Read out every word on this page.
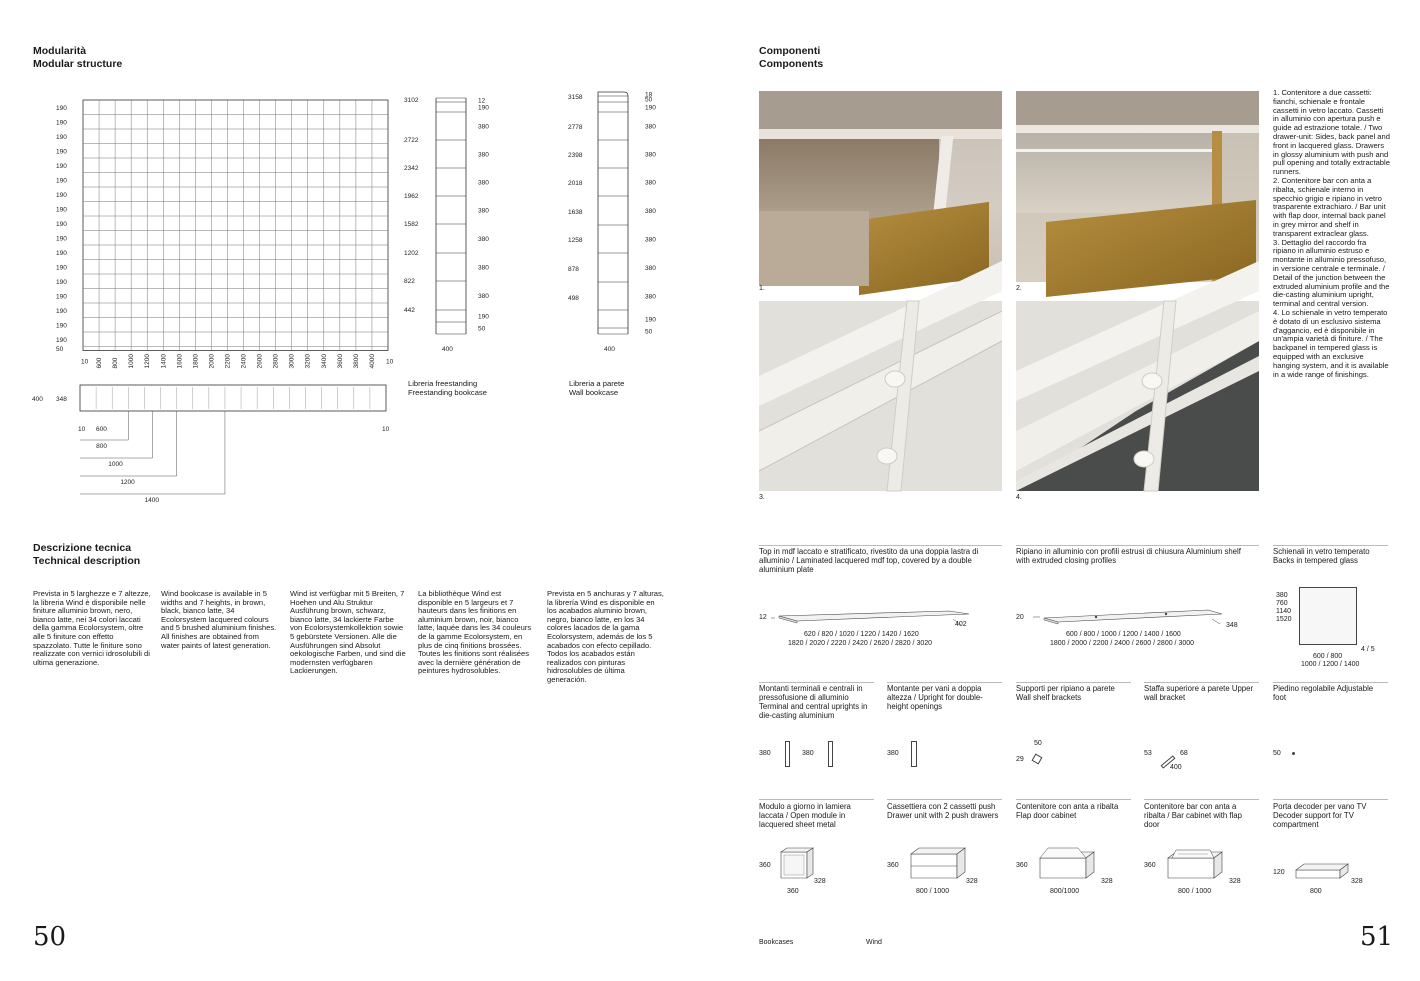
Modularità
Modular structure
190
190
190
190
190
190
190
190
190
190
190
190
190
190
190
190
190
50
10 600 800 1000 1200 1400 1600 1800 2000 2200 2400 2600 2800 3000 3200 3400 3600 3800 4000 10
400 348
10 600	10
800
1000
1200
1400
3102
2722
2342
1962
1582
1202
822
442
12
190
380
380
380
380
380
380
380
190
50
400
Libreria freestanding
Freestanding bookcase
3158
2778
2398
2018
1638
1258
878
498
18
50
190
380
380
380
380
380
380
380
190
50
400
Libreria a parete
Wall bookcase
Descrizione tecnica
Technical description
Prevista in 5 larghezze e 7 altezze, la libreria Wind è disponibile nelle finiture alluminio brown, nero, bianco latte, nei 34 colori laccati della gamma Ecolorsystem, oltre alle 5 finiture con effetto spazzolato. Tutte le finiture sono realizzate con vernici idrosolubili di ultima generazione.
Wind bookcase is available in 5 widths and 7 heights, in brown, black, bianco latte, 34 Ecolorsystem lacquered colours and 5 brushed aluminium finishes. All finishes are obtained from water paints of latest generation.
Wind ist verfügbar mit 5 Breiten, 7 Hoehen und Alu Struktur Ausführung brown, schwarz, bianco latte, 34 lackierte Farbe von Ecolorsystemkollektion sowie 5 gebürstete Versionen. Alle die Ausführungen sind Absolut oekologische Farben, und sind die modernsten verfügbaren Lackierungen.
La bibliothèque Wind est disponible en 5 largeurs et 7 hauteurs dans les finitions en aluminium brown, noir, bianco latte, laquée dans les 34 couleurs de la gamme Ecolorsystem, en plus de cinq finitions brossées. Toutes les finitions sont réalisées avec la dernière génération de peintures hydrosolubles.
Prevista en 5 anchuras y 7 alturas, la librería Wind es disponible en los acabados aluminio brown, negro, bianco latte, en los 34 colores lacados de la gama Ecolorsystem, además de los 5 acabados con efecto cepillado. Todos los acabados están realizados con pinturas hidrosolubles de última generación.
50
Componenti
Components
1.	2.
3.	4.
1. Contenitore a due cassetti: fianchi, schienale e frontale cassetti in vetro laccato. Cassetti in alluminio con apertura push e guide ad estrazione totale. / Two drawer-unit: Sides, back panel and front in lacquered glass. Drawers in glossy aluminium with push and pull opening and totally extractable runners.
2. Contenitore bar con anta a ribalta, schienale interno in specchio grigio e ripiano in vetro trasparente extrachiaro. / Bar unit with flap door, internal back panel in grey mirror and shelf in transparent extraclear glass.
3. Dettaglio del raccordo fra ripiano in alluminio estruso e montante in alluminio pressofuso, in versione centrale e terminale. / Detail of the junction between the extruded aluminium profile and the die-casting aluminium upright, terminal and central version.
4. Lo schienale in vetro temperato è dotato di un esclusivo sistema d'aggancio, ed è disponibile in un'ampia varietà di finiture. / The backpanel in tempered glass is equipped with an exclusive hanging system, and it is available in a wide range of finishings.
Top in mdf laccato e stratificato, rivestito da una doppia lastra di alluminio / Laminated lacquered mdf top, covered by a double aluminium plate
Ripiano in alluminio con profili estrusi di chiusura Aluminium shelf with extruded closing profiles
Schienali in vetro temperato Backs in tempered glass
12
402
620 / 820 / 1020 / 1220 / 1420 / 1620
1820 / 2020 / 2220 / 2420 / 2620 / 2820 / 3020
20
348
600 / 800 / 1000 / 1200 / 1400 / 1600
1800 / 2000 / 2200 / 2400 / 2600 / 2800 / 3000
380
760
1140
1520
4 / 5
600 / 800
1000 / 1200 / 1400
Montanti terminali e centrali in pressofusione di alluminio Terminal and central uprights in die-casting aluminium
Montante per vani a doppia altezza / Upright for double-height openings
Supporti per ripiano a parete Wall shelf brackets
Staffa superiore a parete Upper wall bracket
Piedino regolabile Adjustable foot
380	380	380
50
29
53	68
400
50
Modulo a giorno in lamiera laccata / Open module in lacquered sheet metal
Cassettiera con 2 cassetti push Drawer unit with 2 push drawers
Contenitore con anta a ribalta Flap door cabinet
Contenitore bar con anta a ribalta / Bar cabinet with flap door
Porta decoder per vano TV Decoder support for TV compartment
360
328
360
360
328
800 / 1000
360
328
800/1000
360
328
800 / 1000
120
328
800
Bookcases	Wind	51
